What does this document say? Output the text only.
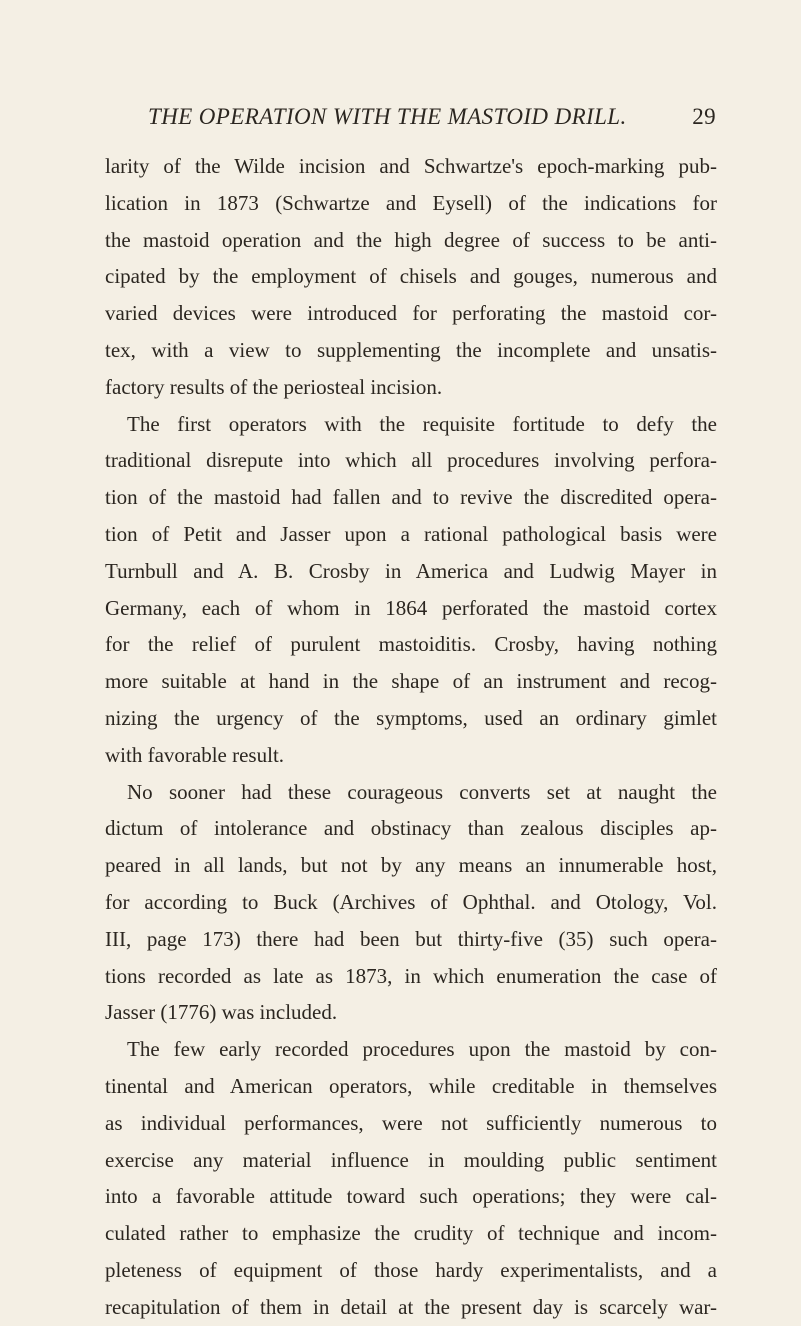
THE OPERATION WITH THE MASTOID DRILL.	29
larity of the Wilde incision and Schwartze's epoch-marking pub-
lication in 1873 (Schwartze and Eysell) of the indications for
the mastoid operation and the high degree of success to be anti-
cipated by the employment of chisels and gouges, numerous and
varied devices were introduced for perforating the mastoid cor-
tex, with a view to supplementing the incomplete and unsatis-
factory results of the periosteal incision.
The first operators with the requisite fortitude to defy the
traditional disrepute into which all procedures involving perfora-
tion of the mastoid had fallen and to revive the discredited opera-
tion of Petit and Jasser upon a rational pathological basis were
Turnbull and A. B. Crosby in America and Ludwig Mayer in
Germany, each of whom in 1864 perforated the mastoid cortex
for the relief of purulent mastoiditis. Crosby, having nothing
more suitable at hand in the shape of an instrument and recog-
nizing the urgency of the symptoms, used an ordinary gimlet
with favorable result.
No sooner had these courageous converts set at naught the
dictum of intolerance and obstinacy than zealous disciples ap-
peared in all lands, but not by any means an innumerable host,
for according to Buck (Archives of Ophthal. and Otology, Vol.
III, page 173) there had been but thirty-five (35) such opera-
tions recorded as late as 1873, in which enumeration the case of
Jasser (1776) was included.
The few early recorded procedures upon the mastoid by con-
tinental and American operators, while creditable in themselves
as individual performances, were not sufficiently numerous to
exercise any material influence in moulding public sentiment
into a favorable attitude toward such operations; they were cal-
culated rather to emphasize the crudity of technique and incom-
pleteness of equipment of those hardy experimentalists, and a
recapitulation of them in detail at the present day is scarcely war-
